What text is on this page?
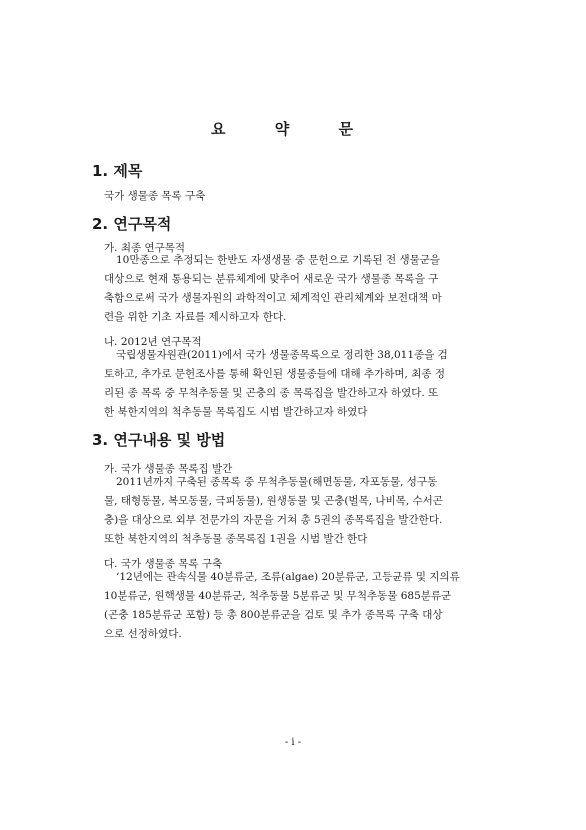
요 약 문
1. 제목
국가 생물종 목록 구축
2. 연구목적
가. 최종 연구목적
10만종으로 추정되는 한반도 자생생물 중 문헌으로 기록된 전 생물군을
대상으로 현재 통용되는 분류체계에 맞추어 새로운 국가 생물종 목록을 구
축함으로써 국가 생물자원의 과학적이고 체계적인 관리체계와 보전대책 마
련을 위한 기초 자료를 제시하고자 한다.
나. 2012년 연구목적
국립생물자원관(2011)에서 국가 생물종목록으로 정리한 38,011종을 검
토하고, 추가로 문헌조사를 통해 확인된 생물종들에 대해 추가하며, 최종 정
리된 종 목록 중 무척추동물 및 곤충의 종 목록집을 발간하고자 하였다. 또
한 북한지역의 척추동물 목록집도 시범 발간하고자 하였다
3. 연구내용 및 방법
가. 국가 생물종 목록집 발간
2011년까지 구축된 종목록 중 무척추동물(해면동물, 자포동물, 성구동
물, 태형동물, 복모동물, 극피동물), 원생동물 및 곤충(벌목, 나비목, 수서곤
충)을 대상으로 외부 전문가의 자문을 거쳐 총 5권의 종목록집을 발간한다.
또한 북한지역의 척추동물 종목록집 1권을 시범 발간 한다
다. 국가 생물종 목록 구축
‘12년에는 관속식물 40분류군, 조류(algae) 20분류군, 고등균류 및 지의류
10분류군, 원핵생물 40분류군, 척추동물 5분류군 및 무척추동물 685분류군
(곤충 185분류군 포함) 등 총 800분류군을 검토 및 추가 종목록 구축 대상
으로 선정하였다.
- i -
